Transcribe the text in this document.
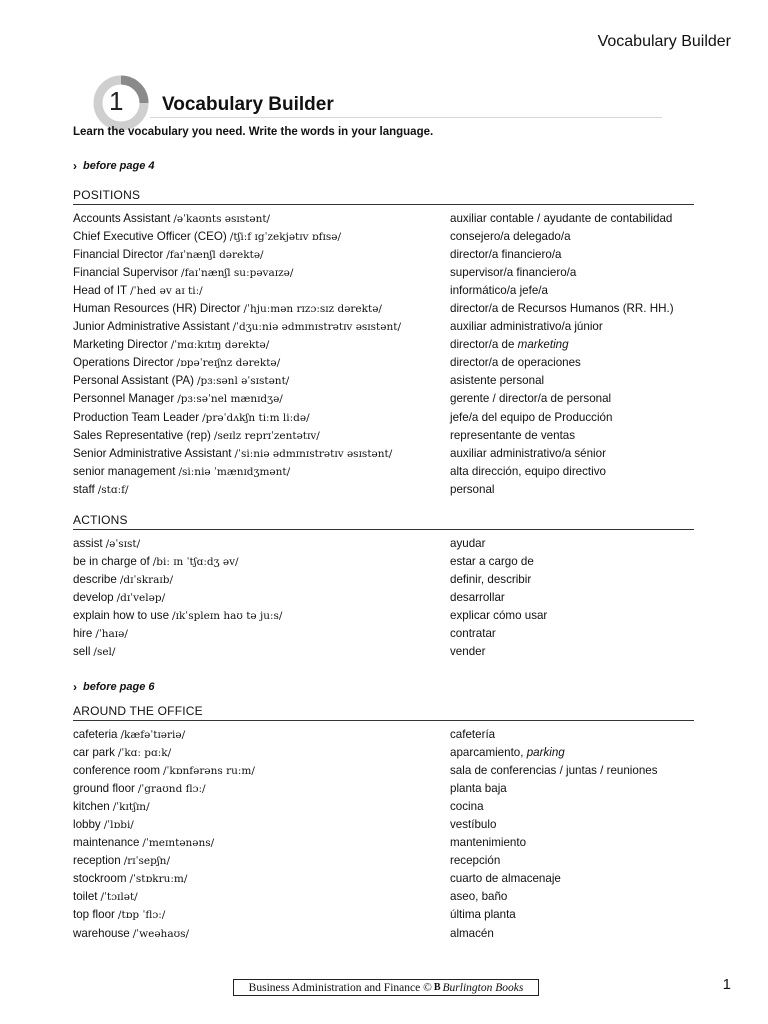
Vocabulary Builder
1 Vocabulary Builder
Learn the vocabulary you need. Write the words in your language.
› before page 4
POSITIONS
Accounts Assistant /əˈkaʊnts əsɪstənt/	auxiliar contable / ayudante de contabilidad
Chief Executive Officer (CEO) /tʃiːf ɪgˈzekjətɪv ɒfɪsə/	consejero/a delegado/a
Financial Director /faɪˈnænʃl dərektə/	director/a financiero/a
Financial Supervisor /faɪˈnænʃl suːpəvaɪzə/	supervisor/a financiero/a
Head of IT /ˈhed əv aɪ tiː/	informático/a jefe/a
Human Resources (HR) Director /ˈhjuːmən rɪzɔːsɪz dərektə/	director/a de Recursos Humanos (RR. HH.)
Junior Administrative Assistant /ˈdʒuːniə ədmɪnɪstrətɪv əsɪstənt/	auxiliar administrativo/a júnior
Marketing Director /ˈmɑːkɪtɪŋ dərektə/	director/a de marketing
Operations Director /ɒpəˈreɪʃnz dərektə/	director/a de operaciones
Personal Assistant (PA) /pɜːsənl əˈsɪstənt/	asistente personal
Personnel Manager /pɜːsəˈnel mænɪdʒə/	gerente / director/a de personal
Production Team Leader /prəˈdʌkʃn tiːm liːdə/	jefe/a del equipo de Producción
Sales Representative (rep) /seɪlz reprɪˈzentətɪv/	representante de ventas
Senior Administrative Assistant /ˈsiːniə ədmɪnɪstrətɪv əsɪstənt/	auxiliar administrativo/a sénior
senior management /siːniə ˈmænɪdʒmənt/	alta dirección, equipo directivo
staff /stɑːf/	personal
ACTIONS
assist /əˈsɪst/	ayudar
be in charge of /biː ɪn ˈtʃɑːdʒ əv/	estar a cargo de
describe /dɪˈskraɪb/	definir, describir
develop /dɪˈveləp/	desarrollar
explain how to use /ɪkˈspleɪn haʊ tə juːs/	explicar cómo usar
hire /ˈhaɪə/	contratar
sell /sel/	vender
› before page 6
AROUND THE OFFICE
cafeteria /kæfəˈtɪəriə/	cafetería
car park /ˈkɑː pɑːk/	aparcamiento, parking
conference room /ˈkɒnfərəns ruːm/	sala de conferencias / juntas / reuniones
ground floor /ˈgraʊnd flɔː/	planta baja
kitchen /ˈkɪtʃɪn/	cocina
lobby /ˈlɒbi/	vestíbulo
maintenance /ˈmeɪntənəns/	mantenimiento
reception /rɪˈsepʃn/	recepción
stockroom /ˈstɒkruːm/	cuarto de almacenaje
toilet /ˈtɔɪlət/	aseo, baño
top floor /tɒp ˈflɔː/	última planta
warehouse /ˈweəhaʊs/	almacén
Business Administration and Finance © B Burlington Books	1
